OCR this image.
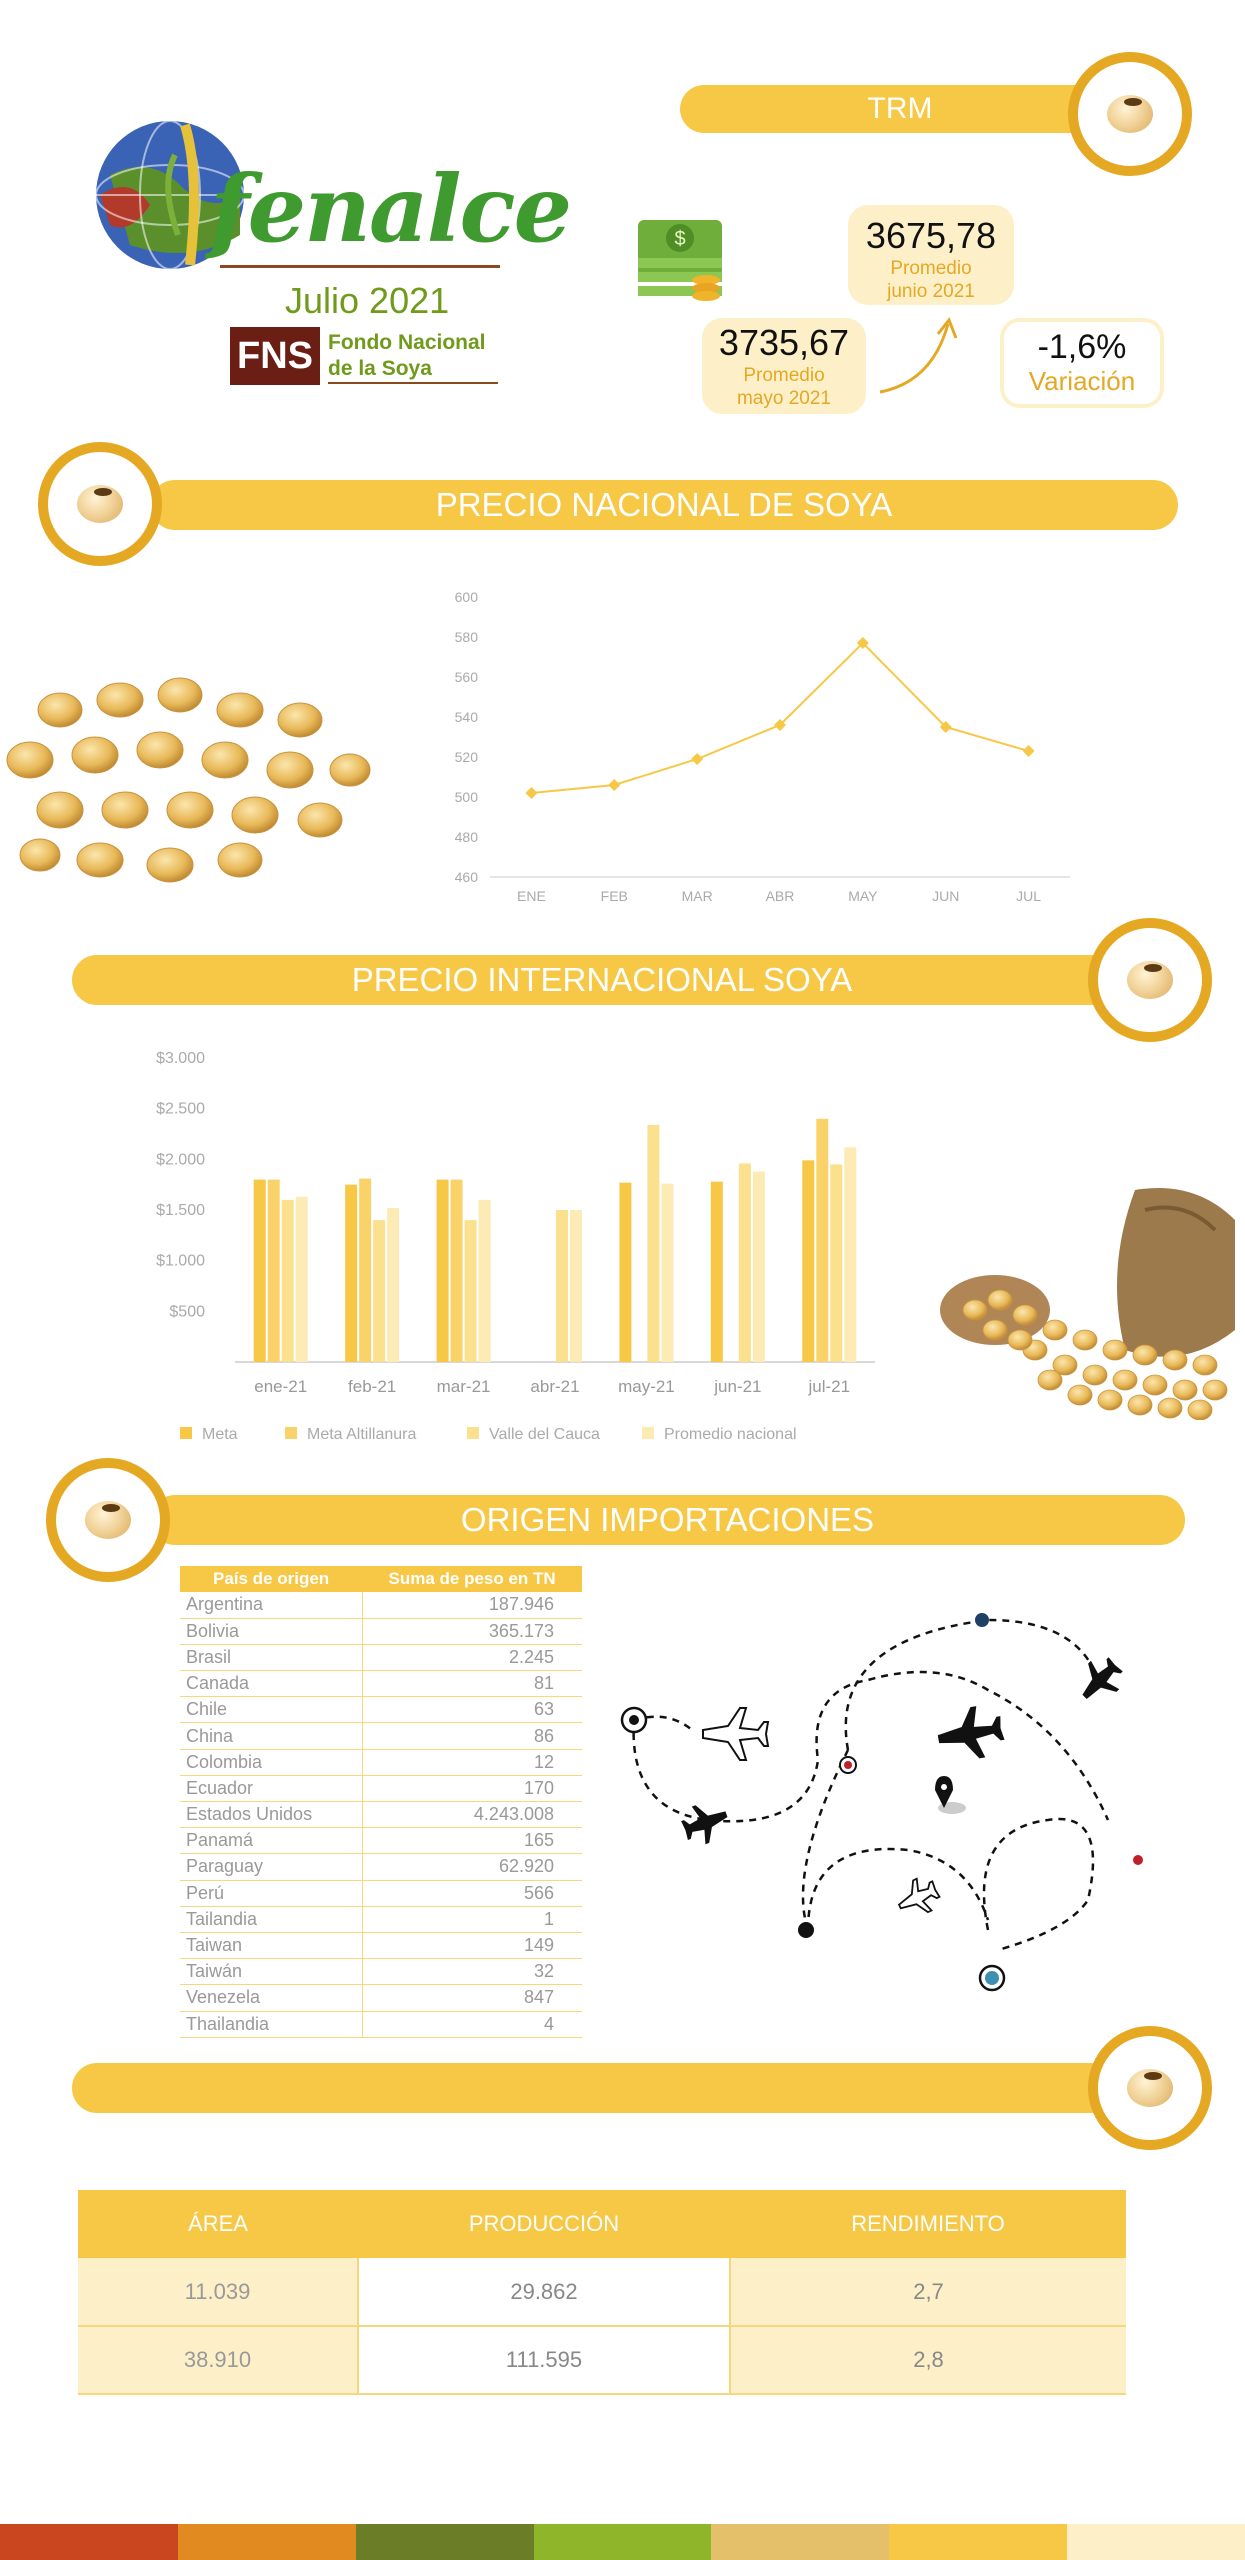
fenalce
Julio 2021
FNS Fondo Nacional
de la Soya
TRM
$	3675,78
Promedio
junio 2021
3735,67
Promedio
mayo 2021
-1,6%
Variación
PRECIO NACIONAL DE SOYA
460
480
500
520
540
560
580
600
ENE	FEB	MAR	ABR	MAY	JUN	JUL
PRECIO INTERNACIONAL SOYA
$500
$1.000
$1.500
$2.000
$2.500
$3.000
ene-21 feb-21 mar-21 abr-21 may-21 jun-21	jul-21
Meta	Meta Altillanura	Valle del Cauca	Promedio nacional
ORIGEN IMPORTACIONES
País de origen	Suma de peso en TN
Argentina	187.946
Bolivia	365.173
Brasil	2.245
Canada	81
Chile	63
China	86
Colombia	12
Ecuador	170
Estados Unidos	4.243.008
Panamá	165
Paraguay	62.920
Perú	566
Tailandia	1
Taiwan	149
Taiwán	32
Venezela	847
Thailandia	4
ÁREA	PRODUCCIÓN	RENDIMIENTO
11.039	29.862	2,7
38.910	111.595	2,8
